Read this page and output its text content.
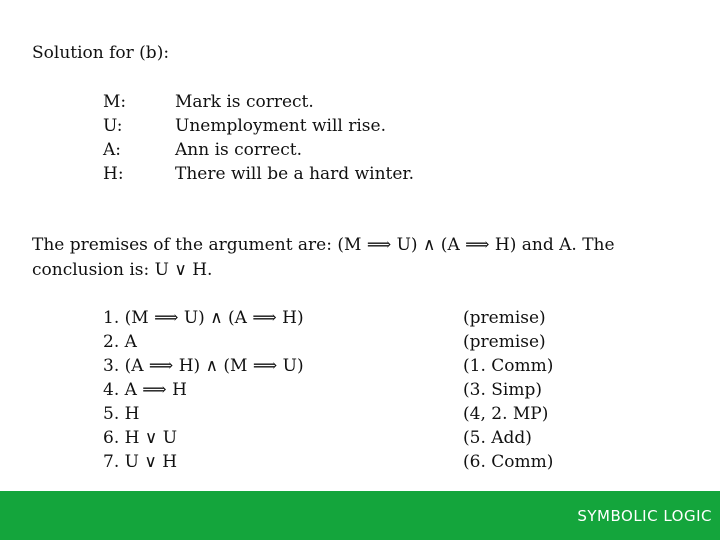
Solution for (b):
M:	Mark is correct.
U:	Unemployment will rise.
A:	Ann is correct.
H:	There will be a hard winter.
The premises of the argument are: (M ⟹ U) ∧ (A ⟹ H) and A. The conclusion is: U ∨ H.
1. (M ⟹ U) ∧ (A ⟹ H)	(premise)
2. A	(premise)
3. (A ⟹ H) ∧ (M ⟹ U)	(1. Comm)
4. A ⟹ H	(3. Simp)
5. H	(4, 2. MP)
6. H ∨ U	(5. Add)
7. U ∨ H	(6. Comm)
SYMBOLIC LOGIC
